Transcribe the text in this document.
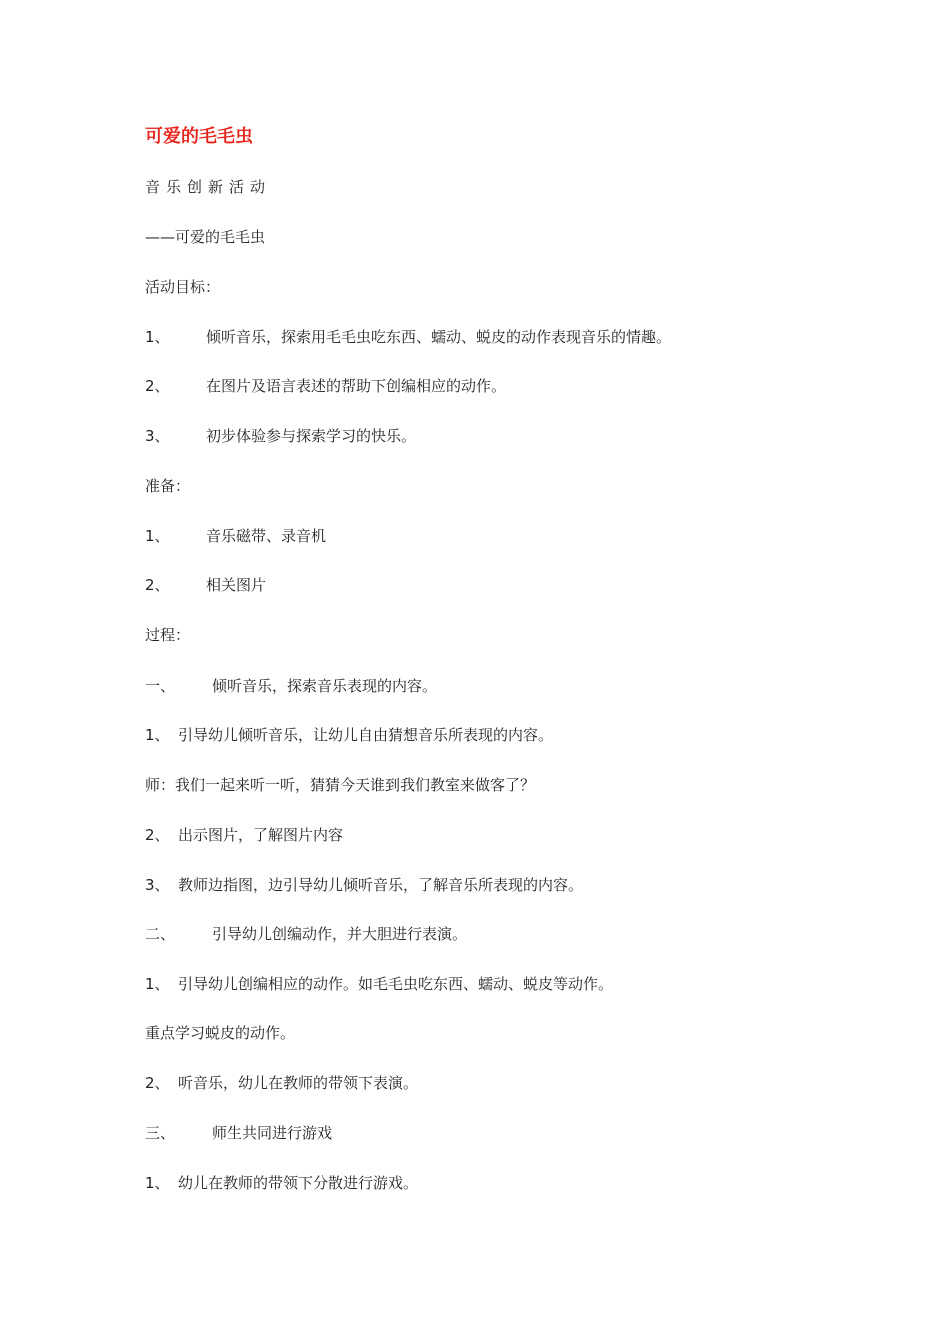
可爱的毛毛虫
音乐创新活动
——可爱的毛毛虫
活动目标：
1、 倾听音乐，探索用毛毛虫吃东西、蠕动、蜕皮的动作表现音乐的情趣。
2、 在图片及语言表述的帮助下创编相应的动作。
3、 初步体验参与探索学习的快乐。
准备：
1、 音乐磁带、录音机
2、 相关图片
过程：
一、 倾听音乐，探索音乐表现的内容。
1、 引导幼儿倾听音乐，让幼儿自由猜想音乐所表现的内容。
师：我们一起来听一听，猜猜今天谁到我们教室来做客了？
2、 出示图片，了解图片内容
3、 教师边指图，边引导幼儿倾听音乐，了解音乐所表现的内容。
二、 引导幼儿创编动作，并大胆进行表演。
1、 引导幼儿创编相应的动作。如毛毛虫吃东西、蠕动、蜕皮等动作。
重点学习蜕皮的动作。
2、 听音乐，幼儿在教师的带领下表演。
三、 师生共同进行游戏
1、 幼儿在教师的带领下分散进行游戏。
